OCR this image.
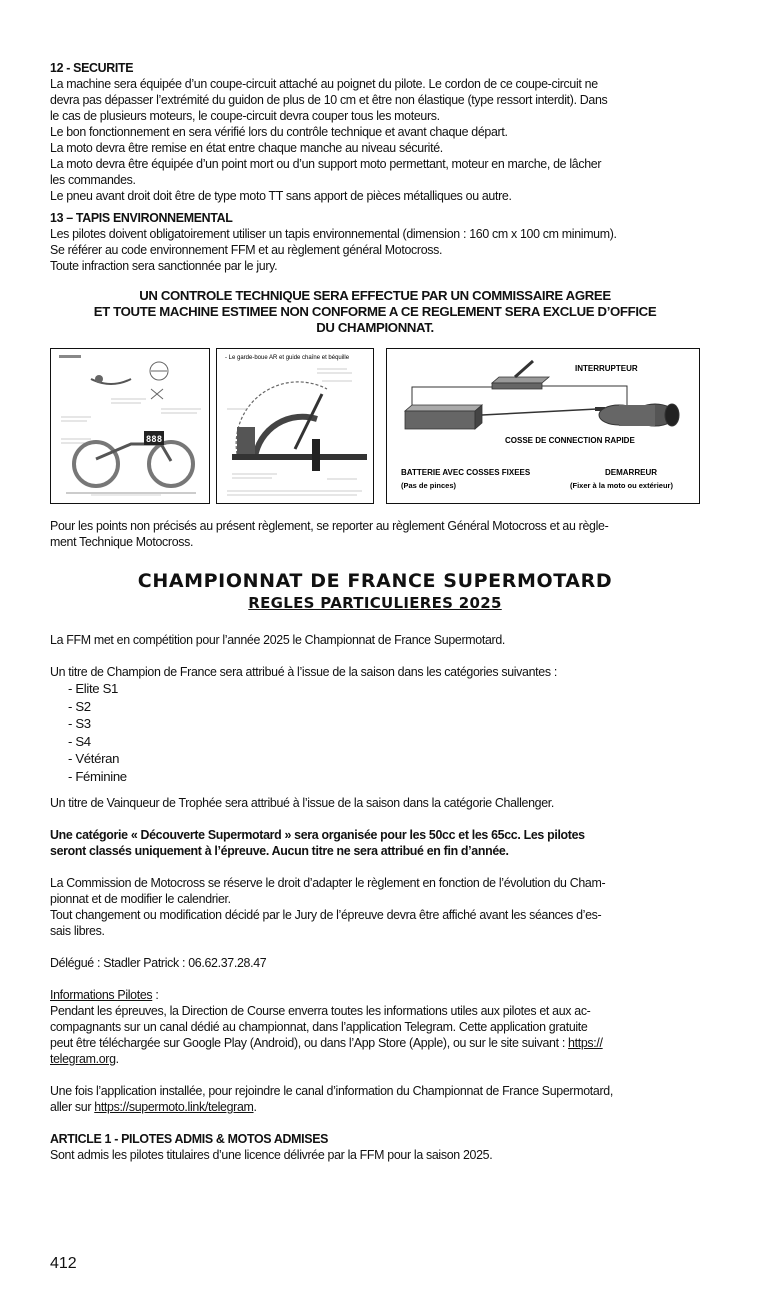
12 - SECURITE

La machine sera équipée d’un coupe-circuit attaché au poignet du pilote. Le cordon de ce coupe-circuit ne

devra pas dépasser l’extrémité du guidon de plus de 10 cm et être non élastique (type ressort interdit). Dans

le cas de plusieurs moteurs, le coupe-circuit devra couper tous les moteurs.

Le bon fonctionnement en sera vérifié lors du contrôle technique et avant chaque départ.

La moto devra être remise en état entre chaque manche au niveau sécurité.

La moto devra être équipée d’un point mort ou d’un support moto permettant, moteur en marche, de lâcher

les commandes.

Le pneu avant droit doit être de type moto TT sans apport de pièces métalliques ou autre.

13 – TAPIS ENVIRONNEMENTAL

Les pilotes doivent obligatoirement utiliser un tapis environnemental (dimension : 160 cm x 100 cm minimum).

Se référer au code environnement FFM et au règlement général Motocross.

Toute infraction sera sanctionnée par le jury.

UN CONTROLE TECHNIQUE SERA EFFECTUE PAR UN COMMISSAIRE AGREE

ET TOUTE MACHINE ESTIMEE NON CONFORME A CE REGLEMENT SERA EXCLUE D’OFFICE

DU CHAMPIONNAT.

888
- Le garde-boue AR et guide chaîne et béquille
INTERRUPTEUR
COSSE DE CONNECTION RAPIDE
BATTERIE AVEC COSSES FIXEES
(Pas de pinces)
DEMARREUR
(Fixer à la moto ou extérieur)

Pour les points non précisés au présent règlement, se reporter au règlement Général Motocross et au règle-

ment Technique Motocross.

CHAMPIONNAT DE FRANCE SUPERMOTARD

REGLES PARTICULIERES 2025

La FFM met en compétition pour l’année 2025 le Championnat de France Supermotard.

Un titre de Champion de France sera attribué à l’issue de la saison dans les catégories suivantes :

- Elite S1
- S2
- S3
- S4
- Vétéran
- Féminine

Un titre de Vainqueur de Trophée sera attribué à l’issue de la saison dans la catégorie Challenger.

Une catégorie « Découverte Supermotard » sera organisée pour les 50cc et les 65cc. Les pilotes

seront classés uniquement à l’épreuve. Aucun titre ne sera attribué en fin d’année.

La Commission de Motocross se réserve le droit d’adapter le règlement en fonction de l’évolution du Cham-

pionnat et de modifier le calendrier.

Tout changement ou modification décidé par le Jury de l’épreuve devra être affiché avant les séances d’es-

sais libres.

Délégué : Stadler Patrick : 06.62.37.28.47

Informations Pilotes :

Pendant les épreuves, la Direction de Course enverra toutes les informations utiles aux pilotes et aux ac-

compagnants sur un canal dédié au championnat, dans l’application Telegram. Cette application gratuite

peut être téléchargée sur Google Play (Android), ou dans l’App Store (Apple), ou sur le site suivant : https://

telegram.org.

Une fois l’application installée, pour rejoindre le canal d’information du Championnat de France Supermotard,

aller sur https://supermoto.link/telegram.

ARTICLE 1 - PILOTES ADMIS & MOTOS ADMISES

Sont admis les pilotes titulaires d’une licence délivrée par la FFM pour la saison 2025.

412
